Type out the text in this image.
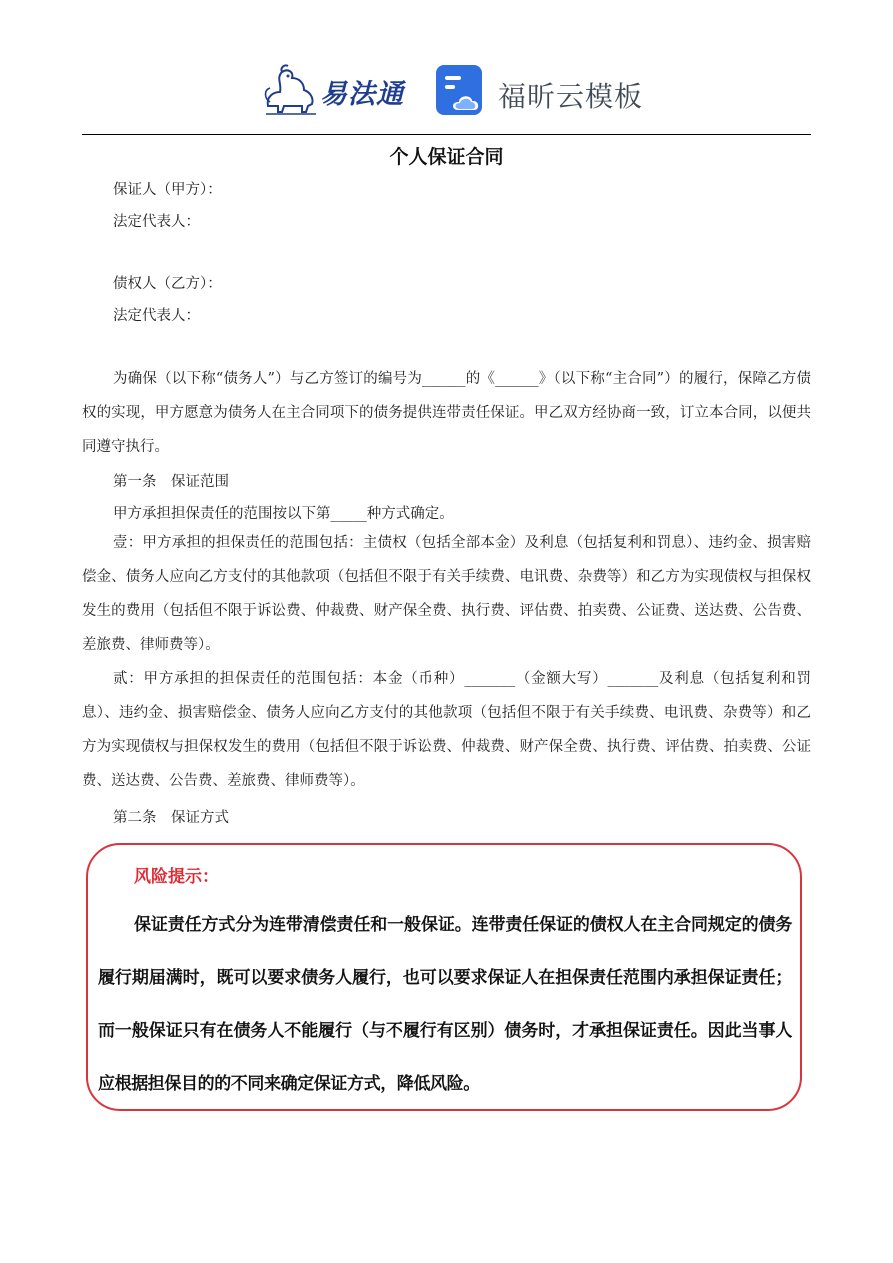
易法通	福昕云模板
个人保证合同
保证人（甲方）：
法定代表人：
债权人（乙方）：
法定代表人：
为确保（以下称“债务人”）与乙方签订的编号为______的《______》（以下称“主合同”）的履行，保障乙方债权的实现，甲方愿意为债务人在主合同项下的债务提供连带责任保证。甲乙双方经协商一致，订立本合同，以便共同遵守执行。
第一条　保证范围
甲方承担担保责任的范围按以下第_____种方式确定。
壹：甲方承担的担保责任的范围包括：主债权（包括全部本金）及利息（包括复利和罚息）、违约金、损害赔偿金、债务人应向乙方支付的其他款项（包括但不限于有关手续费、电讯费、杂费等）和乙方为实现债权与担保权发生的费用（包括但不限于诉讼费、仲裁费、财产保全费、执行费、评估费、拍卖费、公证费、送达费、公告费、差旅费、律师费等）。
贰：甲方承担的担保责任的范围包括：本金（币种）_______（金额大写）_______及利息（包括复利和罚息）、违约金、损害赔偿金、债务人应向乙方支付的其他款项（包括但不限于有关手续费、电讯费、杂费等）和乙方为实现债权与担保权发生的费用（包括但不限于诉讼费、仲裁费、财产保全费、执行费、评估费、拍卖费、公证费、送达费、公告费、差旅费、律师费等）。
第二条　保证方式
风险提示：
保证责任方式分为连带清偿责任和一般保证。连带责任保证的债权人在主合同规定的债务履行期届满时，既可以要求债务人履行，也可以要求保证人在担保责任范围内承担保证责任；而一般保证只有在债务人不能履行（与不履行有区别）债务时，才承担保证责任。因此当事人应根据担保目的的不同来确定保证方式，降低风险。
